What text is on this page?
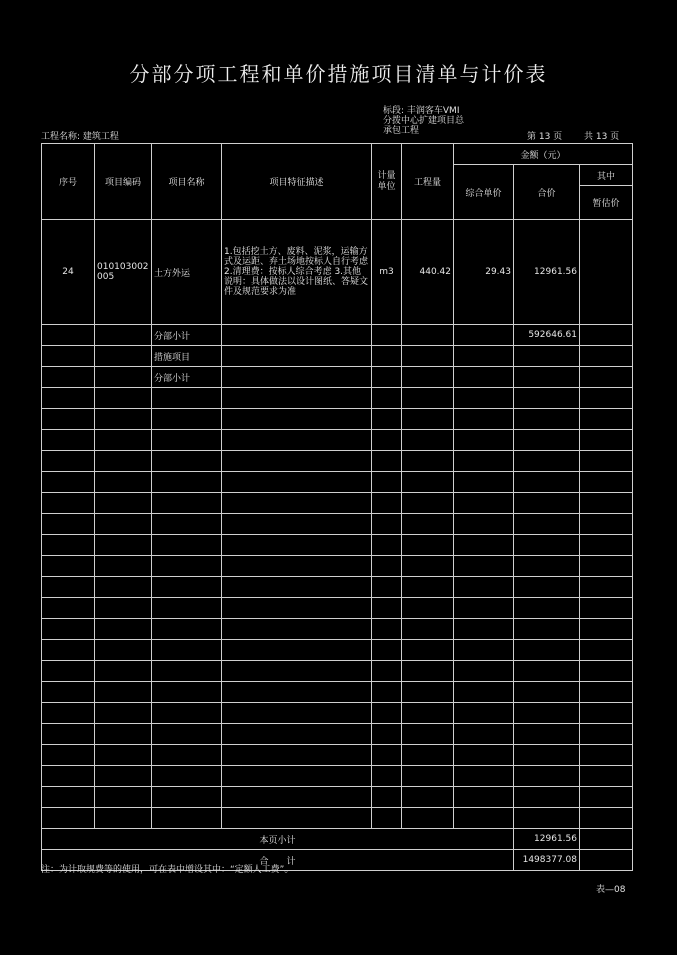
分部分项工程和单价措施项目清单与计价表
标段: 丰润客车VMI
分拨中心扩建项目总
承包工程
工程名称: 建筑工程	第 13 页 共 13 页
序号	项目编码	项目名称	项目特征描述	计量单位	工程量	金额（元）		
						综合单价	合价	其中
								暂估价
24	010103002 005	土方外运	1.包括挖土方、废料、泥浆，运输方式及运距、弃土场地按标人自行考虑 2.清理费：按标人综合考虑 3.其他说明：具体做法以设计图纸、答疑文件及规范要求为准	m3	440.42	29.43	12961.56	
		分部小计					592646.61	
		措施项目						
		分部小计						

本页小计							12961.56	
合　　计							1498377.08	
注：为计取规费等的使用，可在表中增设其中：“定额人工费”。
表—08
